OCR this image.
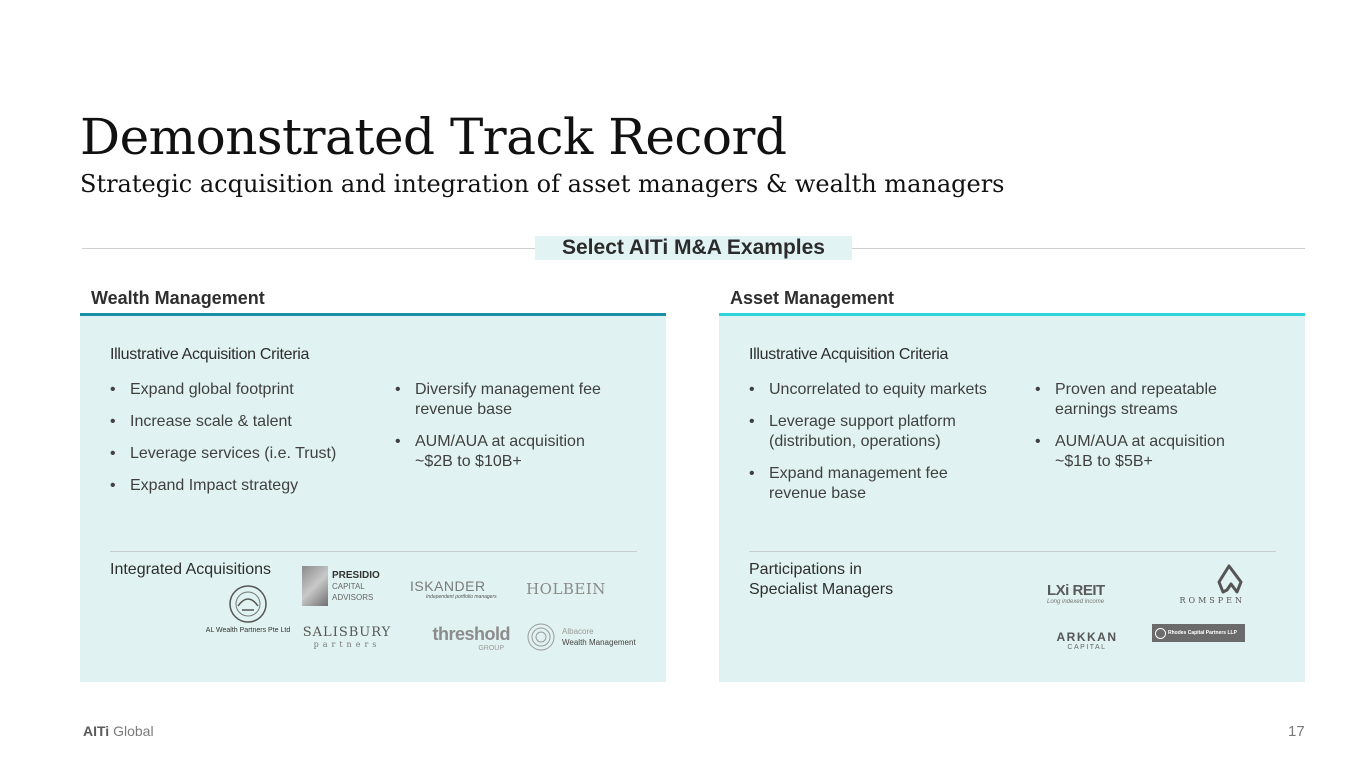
Demonstrated Track Record
Strategic acquisition and integration of asset managers & wealth managers
Select AITi M&A Examples
Wealth Management
Illustrative Acquisition Criteria
• Expand global footprint
• Increase scale & talent
• Leverage services (i.e. Trust)
• Expand Impact strategy
• Diversify management fee revenue base
• AUM/AUA at acquisition ~$2B to $10B+
Integrated Acquisitions
AL Wealth Partners Pte Ltd
PRESIDIO
CAPITAL
ADVISORS
ISKANDER
Independent portfolio managers HOLBEIN
SALISBURY
partners
threshold
GROUP
Albacore
Wealth Management
Asset Management
Illustrative Acquisition Criteria
• Uncorrelated to equity markets
• Leverage support platform (distribution, operations)
• Expand management fee revenue base
• Proven and repeatable earnings streams
• AUM/AUA at acquisition ~$1B to $5B+
Participations in Specialist Managers	LXi REIT
Long indexed income	ROMSPEN
ARKKAN
CAPITAL
Rhodes Capital Partners LLP
AITi Global	17
